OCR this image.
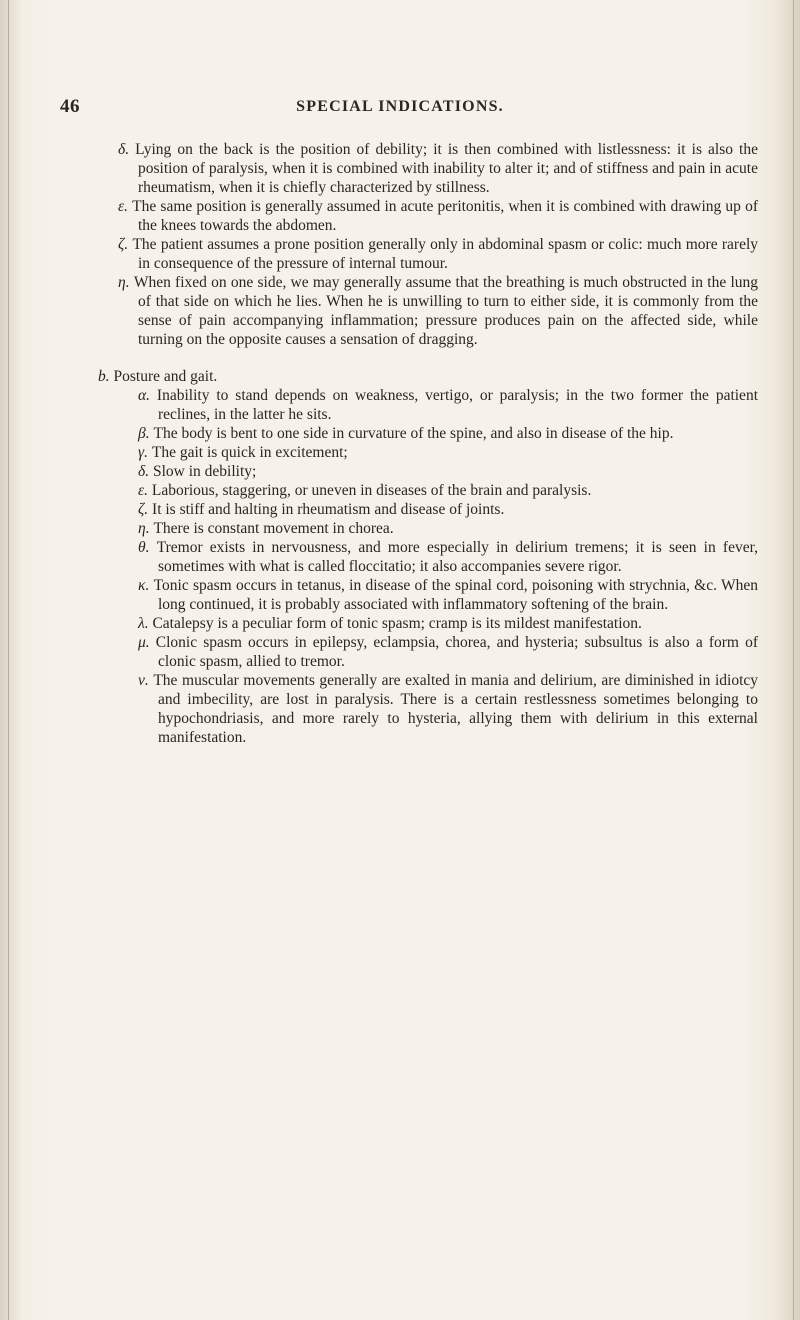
46	SPECIAL INDICATIONS.

δ. Lying on the back is the position of debility; it is then combined with listlessness: it is also the position of paralysis, when it is combined with inability to alter it; and of stiffness and pain in acute rheumatism, when it is chiefly characterized by stillness.

ε. The same position is generally assumed in acute peritonitis, when it is combined with drawing up of the knees towards the abdomen.

ζ. The patient assumes a prone position generally only in abdominal spasm or colic: much more rarely in consequence of the pressure of internal tumour.

η. When fixed on one side, we may generally assume that the breathing is much obstructed in the lung of that side on which he lies. When he is unwilling to turn to either side, it is commonly from the sense of pain accompanying inflammation; pressure produces pain on the affected side, while turning on the opposite causes a sensation of dragging.

b. Posture and gait.

α. Inability to stand depends on weakness, vertigo, or paralysis; in the two former the patient reclines, in the latter he sits.

β. The body is bent to one side in curvature of the spine, and also in disease of the hip.

γ. The gait is quick in excitement;

δ. Slow in debility;

ε. Laborious, staggering, or uneven in diseases of the brain and paralysis.

ζ. It is stiff and halting in rheumatism and disease of joints.

η. There is constant movement in chorea.

θ. Tremor exists in nervousness, and more especially in delirium tremens; it is seen in fever, sometimes with what is called floccitatio; it also accompanies severe rigor.

κ. Tonic spasm occurs in tetanus, in disease of the spinal cord, poisoning with strychnia, &c. When long continued, it is probably associated with inflammatory softening of the brain.

λ. Catalepsy is a peculiar form of tonic spasm; cramp is its mildest manifestation.

μ. Clonic spasm occurs in epilepsy, eclampsia, chorea, and hysteria; subsultus is also a form of clonic spasm, allied to tremor.

ν. The muscular movements generally are exalted in mania and delirium, are diminished in idiotcy and imbecility, are lost in paralysis. There is a certain restlessness sometimes belonging to hypochondriasis, and more rarely to hysteria, allying them with delirium in this external manifestation.
